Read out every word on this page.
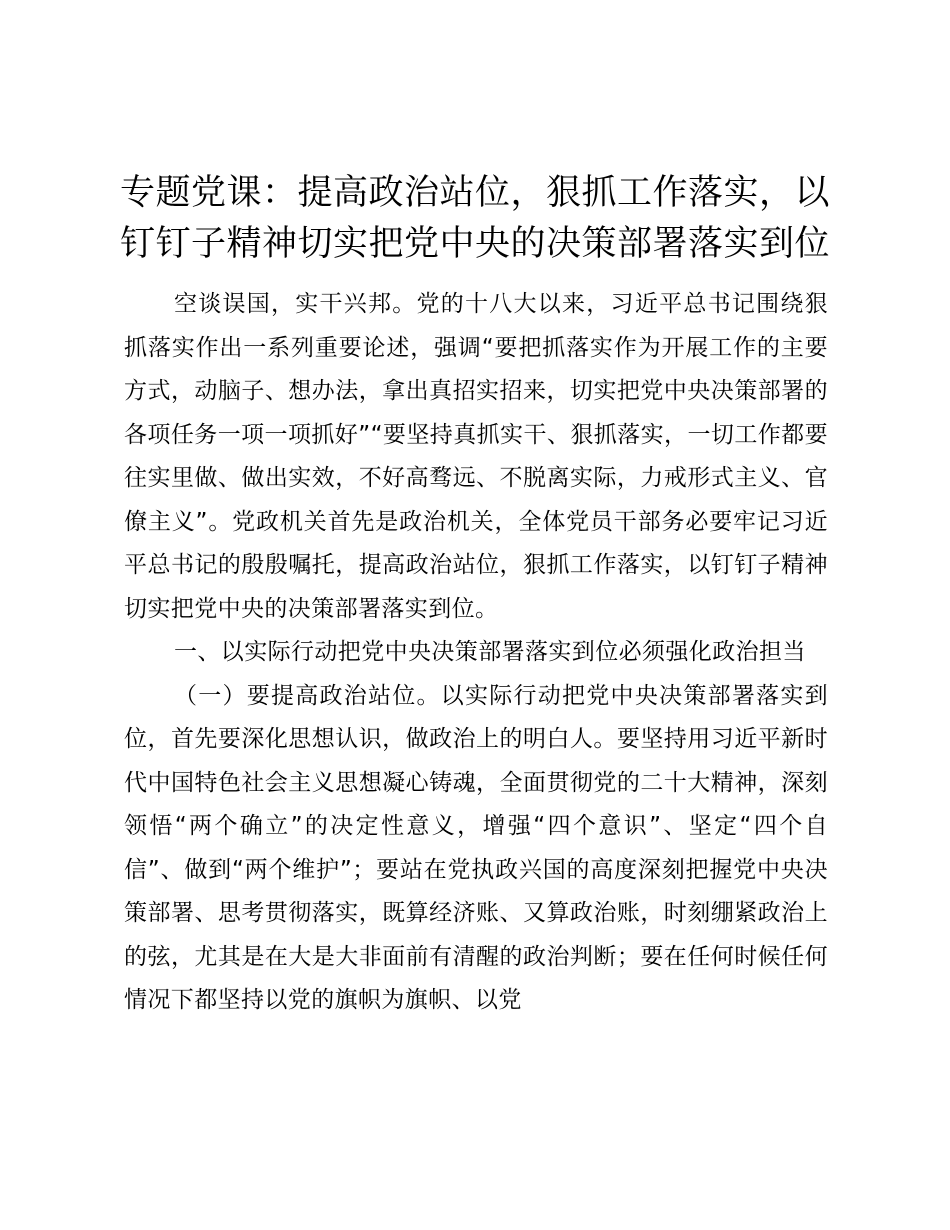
专题党课：提高政治站位，狠抓工作落实，以钉钉子精神切实把党中央的决策部署落实到位

空谈误国，实干兴邦。党的十八大以来，习近平总书记围绕狠抓落实作出一系列重要论述，强调“要把抓落实作为开展工作的主要方式，动脑子、想办法，拿出真招实招来，切实把党中央决策部署的各项任务一项一项抓好”“要坚持真抓实干、狠抓落实，一切工作都要往实里做、做出实效，不好高骛远、不脱离实际，力戒形式主义、官僚主义”。党政机关首先是政治机关，全体党员干部务必要牢记习近平总书记的殷殷嘱托，提高政治站位，狠抓工作落实，以钉钉子精神切实把党中央的决策部署落实到位。

一、以实际行动把党中央决策部署落实到位必须强化政治担当

（一）要提高政治站位。以实际行动把党中央决策部署落实到位，首先要深化思想认识，做政治上的明白人。要坚持用习近平新时代中国特色社会主义思想凝心铸魂，全面贯彻党的二十大精神，深刻领悟“两个确立”的决定性意义，增强“四个意识”、坚定“四个自信”、做到“两个维护”；要站在党执政兴国的高度深刻把握党中央决策部署、思考贯彻落实，既算经济账、又算政治账，时刻绷紧政治上的弦，尤其是在大是大非面前有清醒的政治判断；要在任何时候任何情况下都坚持以党的旗帜为旗帜、以党
